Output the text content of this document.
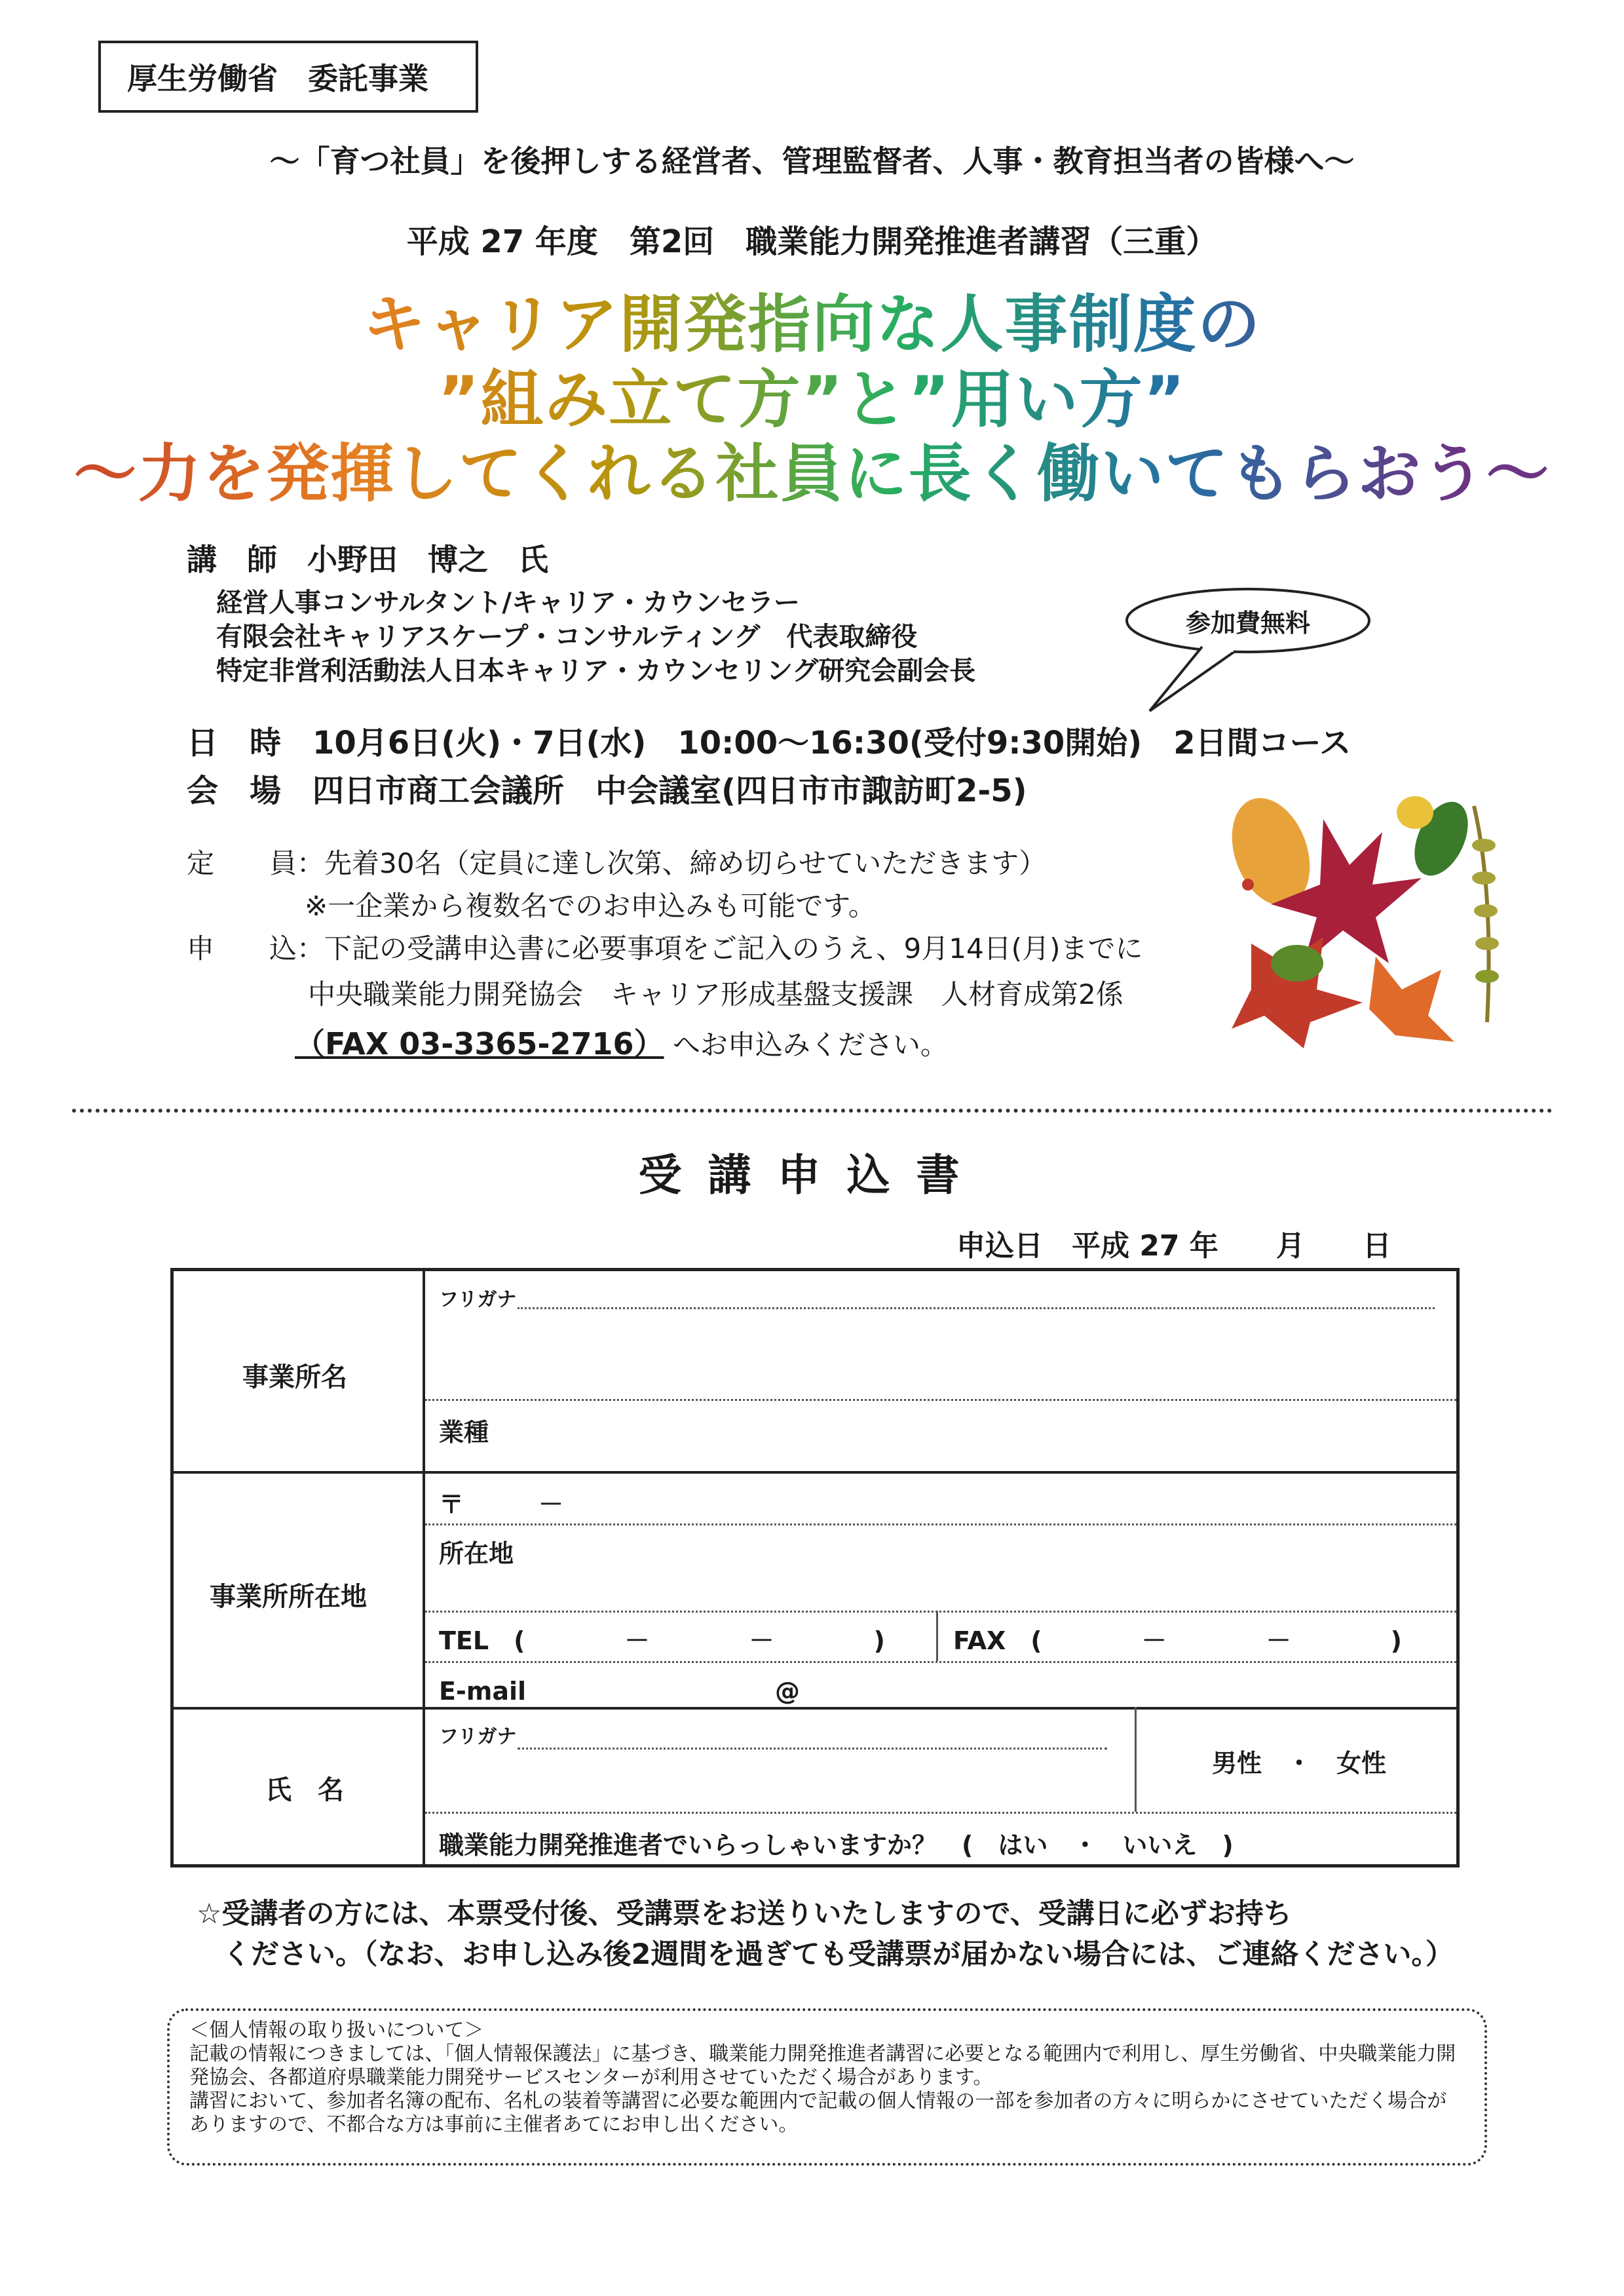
厚生労働省　委託事業
～「育つ社員」を後押しする経営者、管理監督者、人事・教育担当者の皆様へ～
平成 27 年度　第2回　職業能力開発推進者講習（三重）
キャリア開発指向な人事制度の
”組み立て方”と”用い方”
～力を発揮してくれる社員に長く働いてもらおう～
講　師　小野田　博之　氏
経営人事コンサルタント/キャリア・カウンセラー
有限会社キャリアスケープ・コンサルティング　代表取締役
特定非営利活動法人日本キャリア・カウンセリング研究会副会長
参加費無料
日　時　10月6日(火)・7日(水)　10:00～16:30(受付9:30開始)　2日間コース
会　場　四日市商工会議所　中会議室(四日市市諏訪町2-5)
定　　員：先着30名（定員に達し次第、締め切らせていただきます）
※一企業から複数名でのお申込みも可能です。
申　　込：下記の受講申込書に必要事項をご記入のうえ、9月14日(月)までに
中央職業能力開発協会　キャリア形成基盤支援課　人材育成第2係
（FAX 03-3365-2716） へお申込みください。
受講申込書
申込日　平成 27 年　　月　　日
事業所名
フリガナ
業種
事業所所在地
〒　　　－
所在地
TEL　(　　　　－　　　　－　　　　)	FAX　(　　　　－　　　　－　　　　)
E-mail　　　　　　　　　　@
氏　名
フリガナ
男性　・　女性
職業能力開発推進者でいらっしゃいますか？　(　はい　・　いいえ　)
☆受講者の方には、本票受付後、受講票をお送りいたしますので、受講日に必ずお持ち
ください。（なお、お申し込み後2週間を過ぎても受講票が届かない場合には、ご連絡ください。）
＜個人情報の取り扱いについて＞
記載の情報につきましては、「個人情報保護法」に基づき、職業能力開発推進者講習に必要となる範囲内で利用し、厚生労働省、中央職業能力開発協会、各都道府県職業能力開発サービスセンターが利用させていただく場合があります。
講習において、参加者名簿の配布、名札の装着等講習に必要な範囲内で記載の個人情報の一部を参加者の方々に明らかにさせていただく場合がありますので、不都合な方は事前に主催者あてにお申し出ください。
